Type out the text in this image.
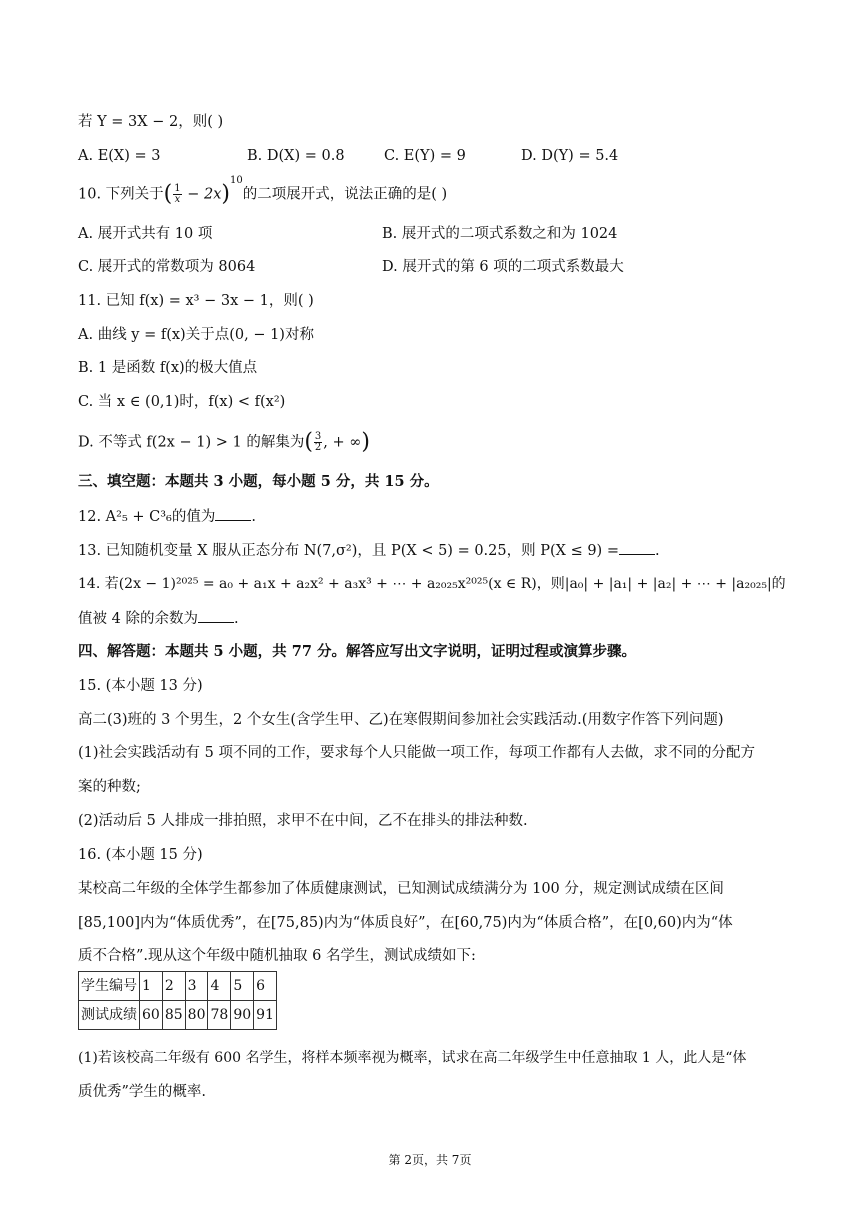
若 Y = 3X − 2，则( )
A. E(X) = 3	B. D(X) = 0.8	C. E(Y) = 9	D. D(Y) = 5.4
10. 下列关于( $\frac{1}{x} - 2x)^{10}$的二项展开式，说法正确的是( )
A. 展开式共有 10 项	B. 展开式的二项式系数之和为 1024
C. 展开式的常数项为 8064	D. 展开式的第 6 项的二项式系数最大
11. 已知 f(x) = x³ − 3x − 1，则( )
A. 曲线 y = f(x)关于点(0, − 1)对称
B. 1 是函数 f(x)的极大值点
C. 当 x ∈ (0,1)时，f(x) < f(x²)
D. 不等式 f(2x − 1) > 1 的解集为( $\frac{3}{2}$ , + ∞)
三、填空题：本题共 3 小题，每小题 5 分，共 15 分。
12. A²₅ + C³₆的值为 .
13. 已知随机变量 X 服从正态分布 N(7,σ²)，且 P(X < 5) = 0.25，则 P(X ≤ 9) = .
14. 若(2x − 1)²⁰²⁵ = a₀ + a₁x + a₂x² + a₃x³ + ⋯ + a₂₀₂₅x²⁰²⁵(x ∈ R)，则|a₀| + |a₁| + |a₂| + ⋯ + |a₂₀₂₅|的
值被 4 除的余数为 .
四、解答题：本题共 5 小题，共 77 分。解答应写出文字说明，证明过程或演算步骤。
15. (本小题 13 分)
高二(3)班的 3 个男生，2 个女生(含学生甲、乙)在寒假期间参加社会实践活动.(用数字作答下列问题)
(1)社会实践活动有 5 项不同的工作，要求每个人只能做一项工作，每项工作都有人去做，求不同的分配方
案的种数;
(2)活动后 5 人排成一排拍照，求甲不在中间，乙不在排头的排法种数.
16. (本小题 15 分)
某校高二年级的全体学生都参加了体质健康测试，已知测试成绩满分为 100 分，规定测试成绩在区间
[85,100]内为“体质优秀”，在[75,85)内为“体质良好”，在[60,75)内为“体质合格”，在[0,60)内为“体
质不合格”.现从这个年级中随机抽取 6 名学生，测试成绩如下:
学生编号	1	2	3	4	5	6
测试成绩	60	85	80	78	90	91
(1)若该校高二年级有 600 名学生，将样本频率视为概率，试求在高二年级学生中任意抽取 1 人，此人是“体
质优秀”学生的概率.
第 2页，共 7页
